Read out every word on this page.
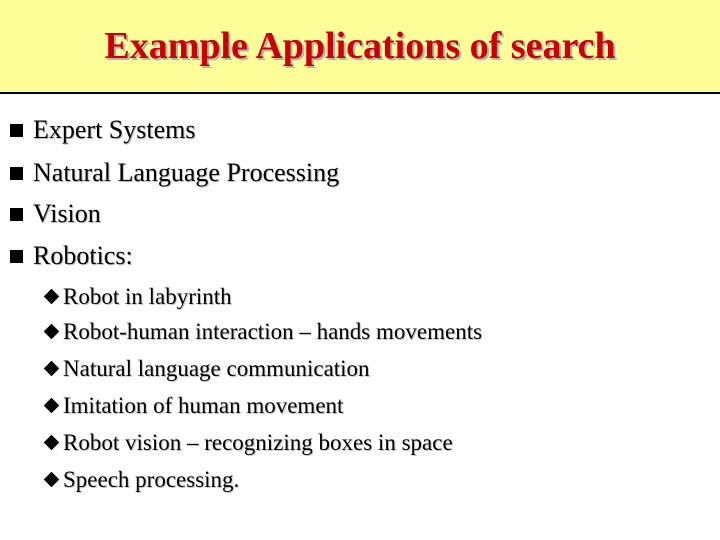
Example Applications of search
Expert Systems
Natural Language Processing
Vision
Robotics:
Robot in labyrinth
Robot-human interaction – hands movements
Natural language communication
Imitation of human movement
Robot vision – recognizing boxes in space
Speech processing.
